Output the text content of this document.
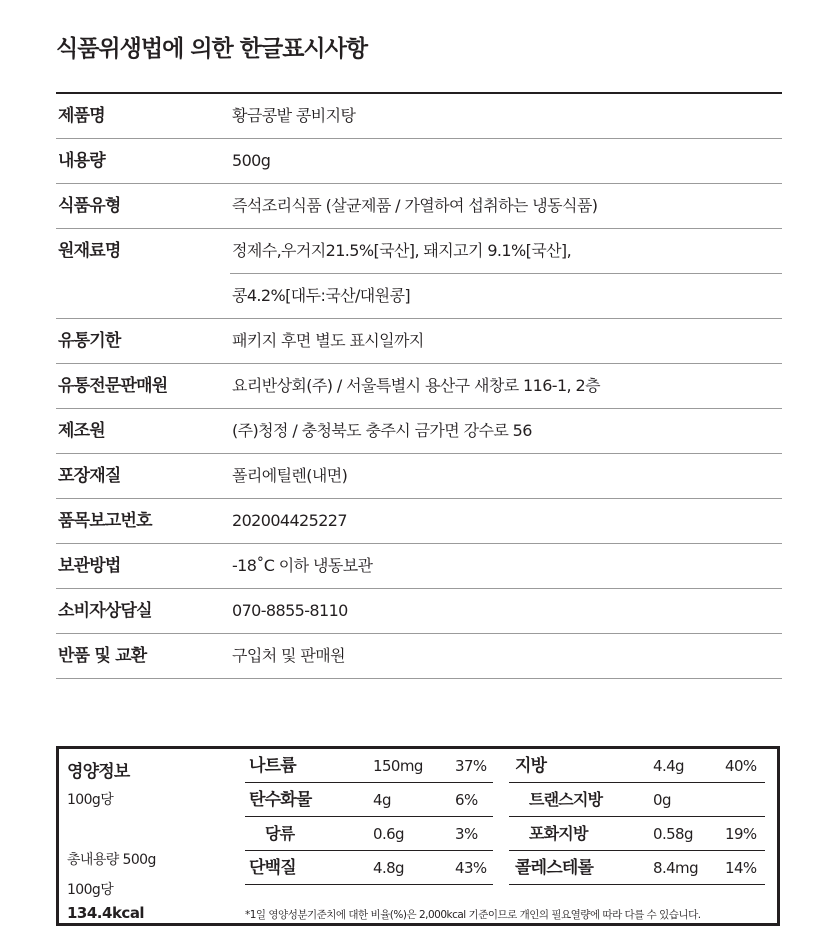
식품위생법에 의한 한글표시사항
제품명	황금콩밭 콩비지탕
내용량	500g
식품유형	즉석조리식품 (살균제품 / 가열하여 섭취하는 냉동식품)
원재료명	정제수,우거지21.5%[국산], 돼지고기 9.1%[국산],
콩4.2%[대두:국산/대원콩]
유통기한	패키지 후면 별도 표시일까지
유통전문판매원	요리반상회(주) / 서울특별시 용산구 새창로 116-1, 2층
제조원	(주)청정 / 충청북도 충주시 금가면 강수로 56
포장재질	폴리에틸렌(내면)
품목보고번호	202004425227
보관방법	-18˚C 이하 냉동보관
소비자상담실	070-8855-8110
반품 및 교환	구입처 및 판매원
영양정보
100g당
총내용량 500g
100g당
134.4kcal
나트륨	150mg 37% 지방	4.4g	40%
탄수화물	4g	6%	트랜스지방	0g
당류	0.6g	3%	포화지방	0.58g 19%
단백질	4.8g	43% 콜레스테롤	8.4mg 14%
*1일 영양성분기준치에 대한 비율(%)은 2,000kcal 기준이므로 개인의 필요열량에 따라 다를 수 있습니다.
